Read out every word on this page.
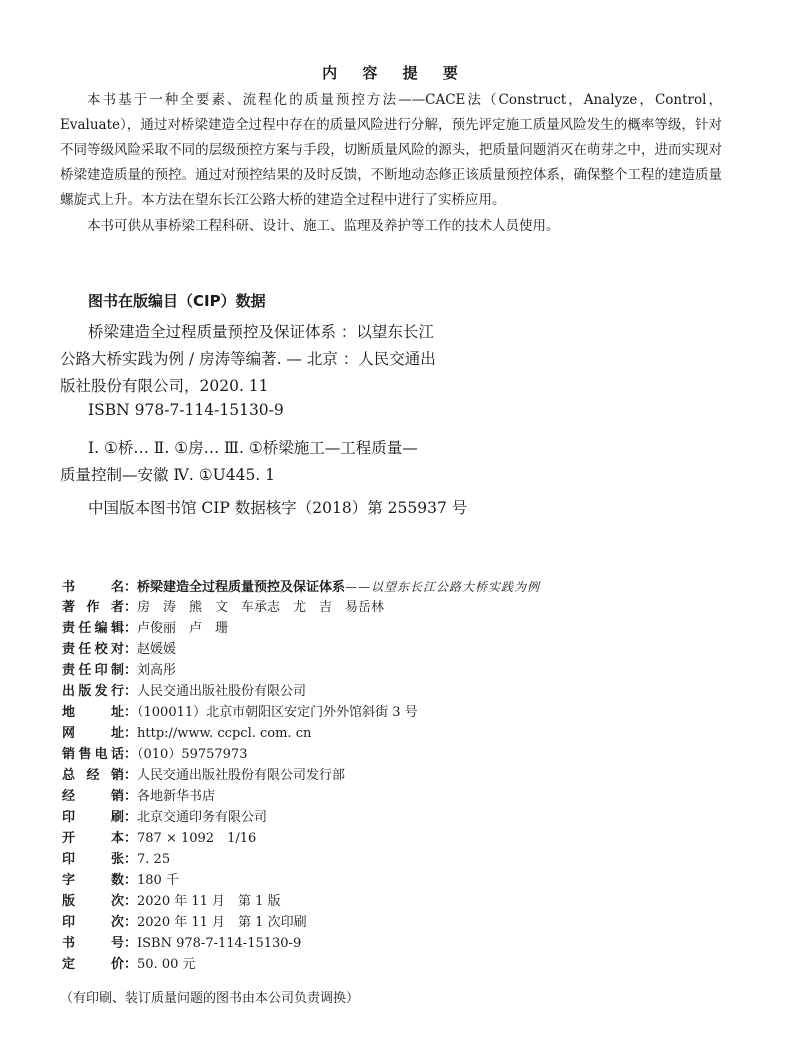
内 容 提 要

本书基于一种全要素、流程化的质量预控方法——CACE法（Construct，Analyze，Control，Evaluate），通过对桥梁建造全过程中存在的质量风险进行分解，预先评定施工质量风险发生的概率等级，针对不同等级风险采取不同的层级预控方案与手段，切断质量风险的源头，把质量问题消灭在萌芽之中，进而实现对桥梁建造质量的预控。通过对预控结果的及时反馈，不断地动态修正该质量预控体系，确保整个工程的建造质量螺旋式上升。本方法在望东长江公路大桥的建造全过程中进行了实桥应用。

本书可供从事桥梁工程科研、设计、施工、监理及养护等工作的技术人员使用。

图书在版编目（CIP）数据
桥梁建造全过程质量预控及保证体系 ：以望东长江
公路大桥实践为例 / 房涛等编著. — 北京 ：人民交通出
版社股份有限公司，2020. 11
ISBN 978-7-114-15130-9
Ⅰ. ①桥… Ⅱ. ①房… Ⅲ. ①桥梁施工—工程质量—
质量控制—安徽 Ⅳ. ①U445. 1
中国版本图书馆 CIP 数据核字（2018）第 255937 号
书　　名：桥梁建造全过程质量预控及保证体系——以望东长江公路大桥实践为例
著 作 者：房　涛　熊　文　车承志　尤　吉　易岳林
责任编辑：卢俊丽　卢　珊
责任校对：赵媛媛
责任印制：刘高彤
出版发行：人民交通出版社股份有限公司
地　　址：（100011）北京市朝阳区安定门外外馆斜街 3 号
网　　址：http://www. ccpcl. com. cn
销售电话：（010）59757973
总 经 销：人民交通出版社股份有限公司发行部
经　　销：各地新华书店
印　　刷：北京交通印务有限公司
开　　本：787 × 1092　1/16
印　　张：7. 25
字　　数：180 千
版　　次：2020 年 11 月　第 1 版
印　　次：2020 年 11 月　第 1 次印刷
书　　号：ISBN 978-7-114-15130-9
定　　价：50. 00 元
（有印刷、装订质量问题的图书由本公司负责调换）
